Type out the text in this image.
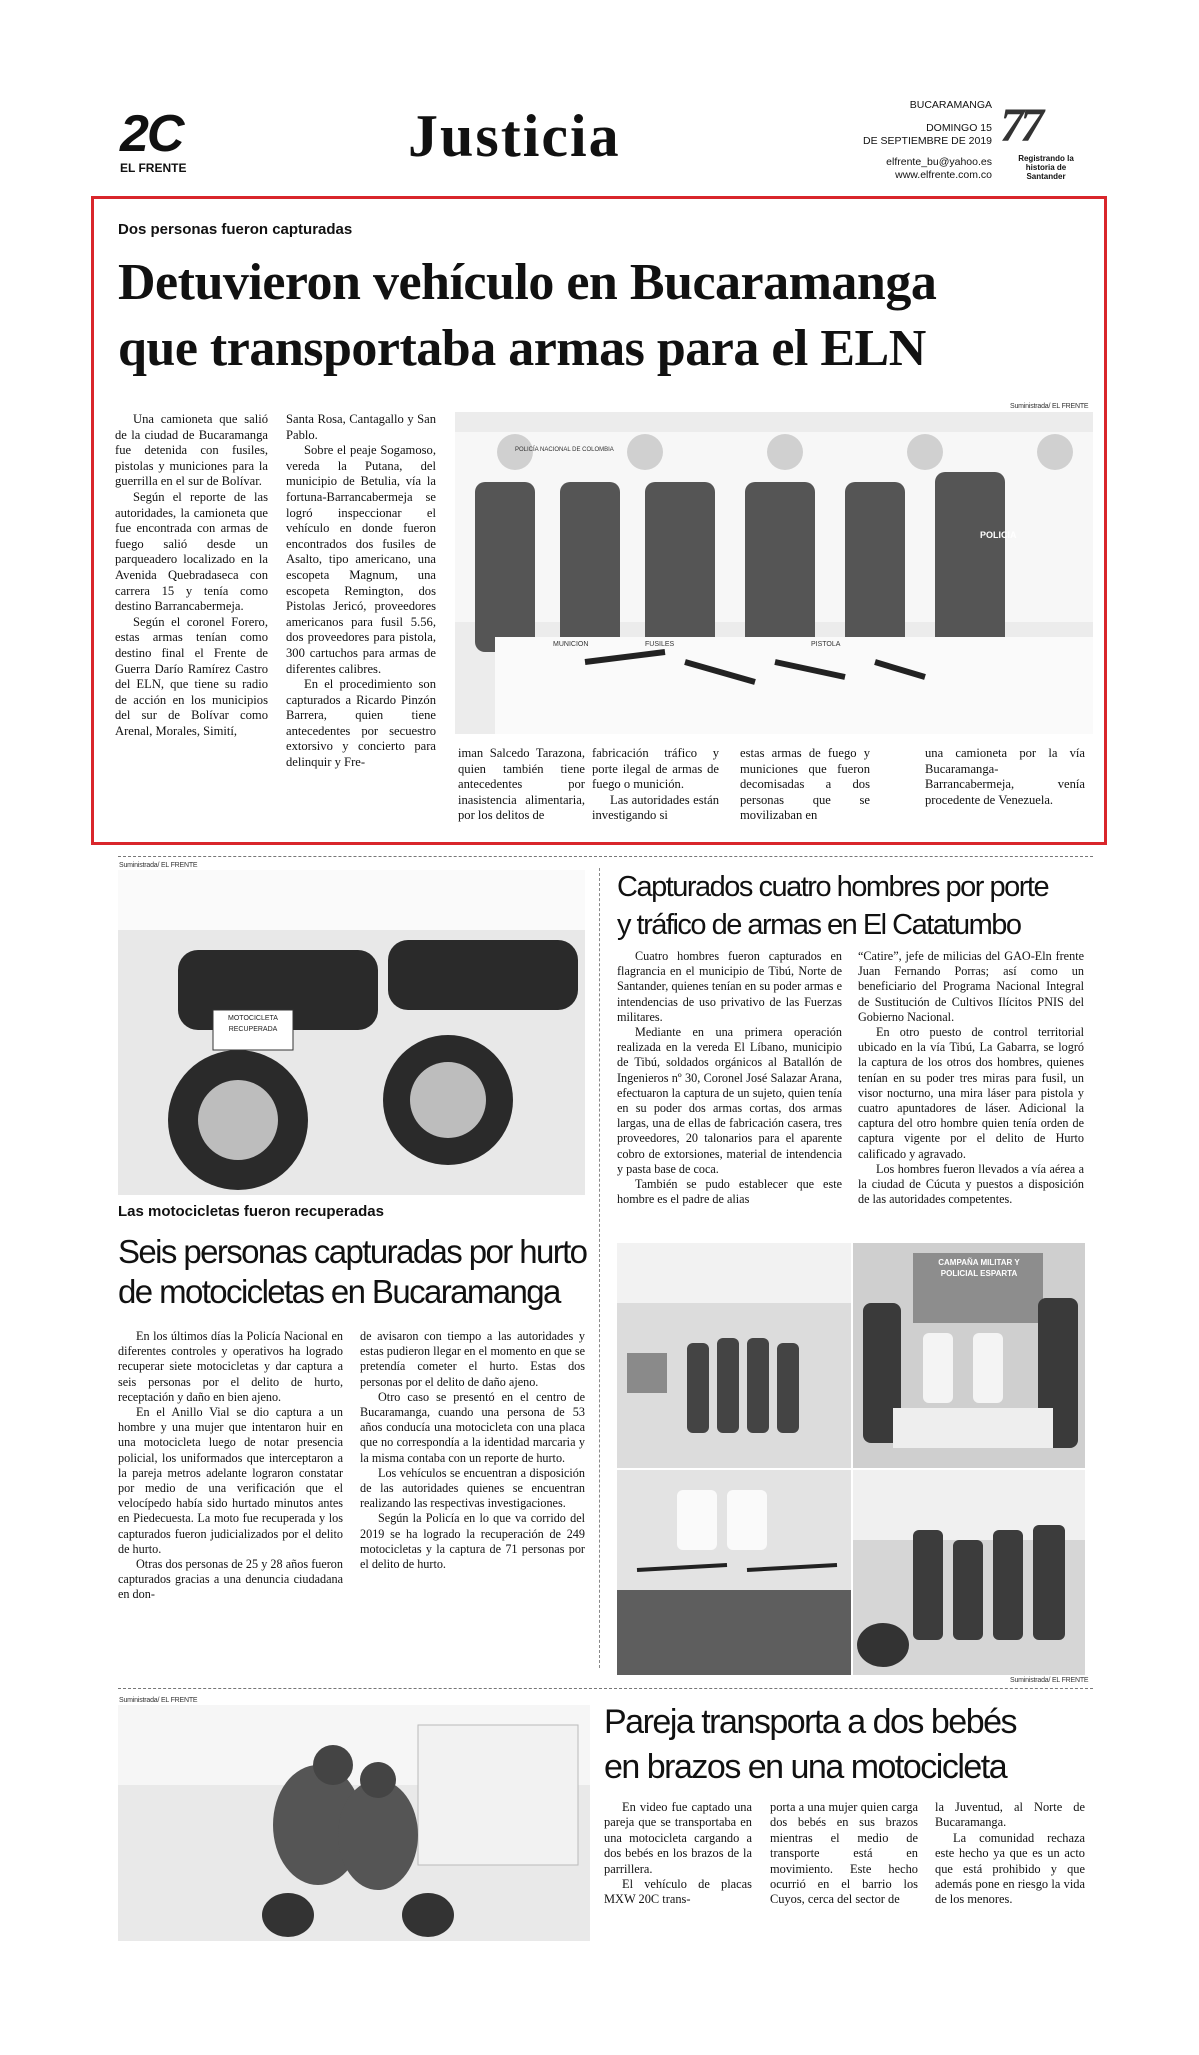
2C
EL FRENTE	Justicia	BUCARAMANGA
DOMINGO 15
DE SEPTIEMBRE DE 2019
elfrente_bu@yahoo.es
www.elfrente.com.co
77
Registrando la historia de Santander
Dos personas fueron capturadas
Detuvieron vehículo en Bucaramanga
que transportaba armas para el ELN

Una camioneta que salió de la ciudad de Bucaramanga fue detenida con fusiles, pistolas y municiones para la guerrilla en el sur de Bolívar.

Según el reporte de las autoridades, la camioneta que fue encontrada con armas de fuego salió desde un parqueadero localizado en la Avenida Quebradaseca con carrera 15 y tenía como destino Barrancabermeja.

Según el coronel Forero, estas armas tenían como destino final el Frente de Guerra Darío Ramírez Castro del ELN, que tiene su radio de acción en los municipios del sur de Bolívar como Arenal, Morales, Simití,

Santa Rosa, Cantagallo y San Pablo.

Sobre el peaje Sogamoso, vereda la Putana, del municipio de Betulia, vía la fortuna-Barrancabermeja se logró inspeccionar el vehículo en donde fueron encontrados dos fusiles de Asalto, tipo americano, una escopeta Magnum, una escopeta Remington, dos Pistolas Jericó, proveedores americanos para fusil 5.56, dos proveedores para pistola, 300 cartuchos para armas de diferentes calibres.

En el procedimiento son capturados a Ricardo Pinzón Barrera, quien tiene antecedentes por secuestro extorsivo y concierto para delinquir y Fre-

Suministrada/ EL FRENTE
POLICÍA NACIONAL DE COLOMBIA
POLICIA
MUNICION	FUSILES	PISTOLA

iman Salcedo Tarazona, quien también tiene antecedentes por inasistencia alimentaria, por los delitos de

fabricación tráfico y porte ilegal de armas de fuego o munición.

Las autoridades están investigando si

estas armas de fuego y municiones que fueron decomisadas a dos personas que se movilizaban en

una camioneta por la vía Bucaramanga- Barrancabermeja, venía procedente de Venezuela.

Suministrada/ EL FRENTE
MOTOCICLETA
RECUPERADA
Las motocicletas fueron recuperadas
Seis personas capturadas por hurto
de motocicletas en Bucaramanga

En los últimos días la Policía Nacional en diferentes controles y operativos ha logrado recuperar siete motocicletas y dar captura a seis personas por el delito de hurto, receptación y daño en bien ajeno.

En el Anillo Vial se dio captura a un hombre y una mujer que intentaron huir en una motocicleta luego de notar presencia policial, los uniformados que interceptaron a la pareja metros adelante lograron constatar por medio de una verificación que el velocípedo había sido hurtado minutos antes en Piedecuesta. La moto fue recuperada y los capturados fueron judicializados por el delito de hurto.

Otras dos personas de 25 y 28 años fueron capturados gracias a una denuncia ciudadana en don-

de avisaron con tiempo a las autoridades y estas pudieron llegar en el momento en que se pretendía cometer el hurto. Estas dos personas por el delito de daño ajeno.

Otro caso se presentó en el centro de Bucaramanga, cuando una persona de 53 años conducía una motocicleta con una placa que no correspondía a la identidad marcaria y la misma contaba con un reporte de hurto.

Los vehículos se encuentran a disposición de las autoridades quienes se encuentran realizando las respectivas investigaciones.

Según la Policía en lo que va corrido del 2019 se ha logrado la recuperación de 249 motocicletas y la captura de 71 personas por el delito de hurto.

Capturados cuatro hombres por porte
y tráfico de armas en El Catatumbo

Cuatro hombres fueron capturados en flagrancia en el municipio de Tibú, Norte de Santander, quienes tenían en su poder armas e intendencias de uso privativo de las Fuerzas militares.

Mediante en una primera operación realizada en la vereda El Líbano, municipio de Tibú, soldados orgánicos al Batallón de Ingenieros nº 30, Coronel José Salazar Arana, efectuaron la captura de un sujeto, quien tenía en su poder dos armas cortas, dos armas largas, una de ellas de fabricación casera, tres proveedores, 20 talonarios para el aparente cobro de extorsiones, material de intendencia y pasta base de coca.

También se pudo establecer que este hombre es el padre de alias

“Catire”, jefe de milicias del GAO-Eln frente Juan Fernando Porras; así como un beneficiario del Programa Nacional Integral de Sustitución de Cultivos Ilícitos PNIS del Gobierno Nacional.

En otro puesto de control territorial ubicado en la vía Tibú, La Gabarra, se logró la captura de los otros dos hombres, quienes tenían en su poder tres miras para fusil, un visor nocturno, una mira láser para pistola y cuatro apuntadores de láser. Adicional la captura del otro hombre quien tenía orden de captura vigente por el delito de Hurto calificado y agravado.

Los hombres fueron llevados a vía aérea a la ciudad de Cúcuta y puestos a disposición de las autoridades competentes.

CAMPAÑA MILITAR Y POLICIAL ESPARTA
Suministrada/ EL FRENTE
Suministrada/ EL FRENTE
Pareja transporta a dos bebés
en brazos en una motocicleta

En video fue captado una pareja que se transportaba en una motocicleta cargando a dos bebés en los brazos de la parrillera.

El vehículo de placas MXW 20C trans-

porta a una mujer quien carga dos bebés en sus brazos mientras el medio de transporte está en movimiento. Este hecho ocurrió en el barrio los Cuyos, cerca del sector de

la Juventud, al Norte de Bucaramanga.

La comunidad rechaza este hecho ya que es un acto que está prohibido y que además pone en riesgo la vida de los menores.
